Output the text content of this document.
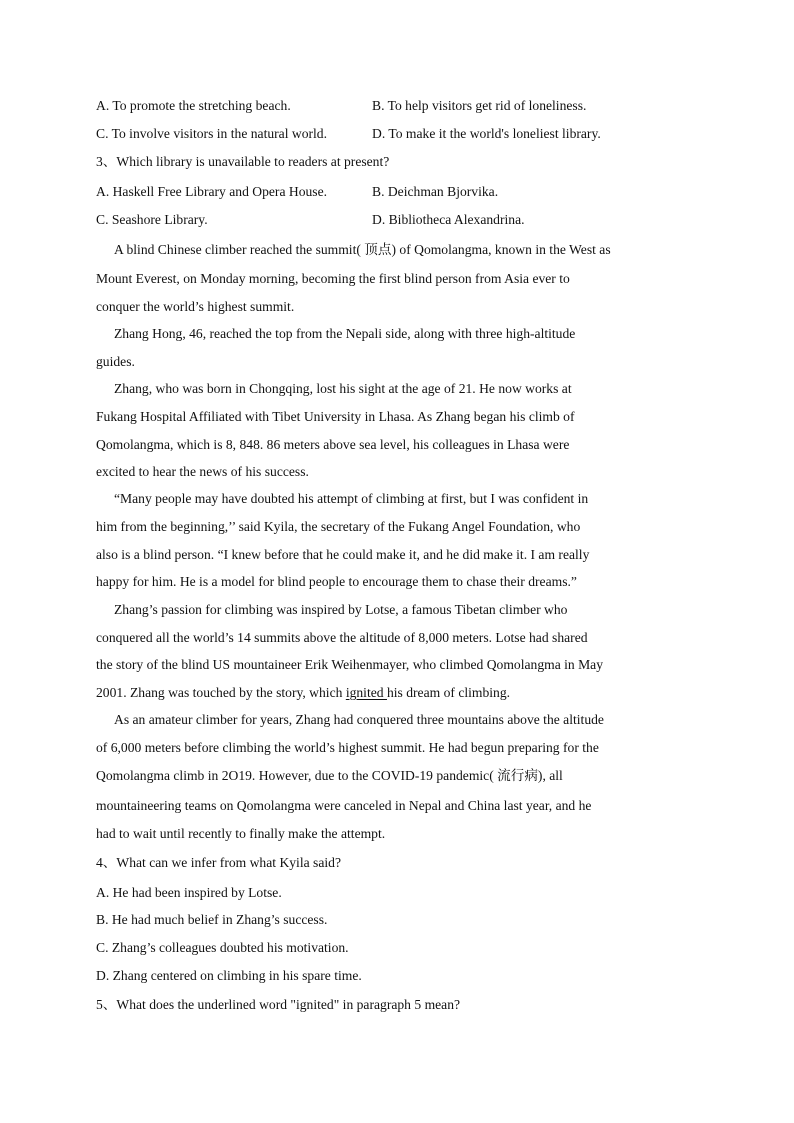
A. To promote the stretching beach.	B. To help visitors get rid of loneliness.
C. To involve visitors in the natural world.	D. To make it the world's loneliest library.
3、Which library is unavailable to readers at present?
A. Haskell Free Library and Opera House.	B. Deichman Bjorvika.
C. Seashore Library.	D. Bibliotheca Alexandrina.
A blind Chinese climber reached the summit( 顶点) of Qomolangma, known in the West as
Mount Everest, on Monday morning, becoming the first blind person from Asia ever to
conquer the world’s highest summit.
Zhang Hong, 46, reached the top from the Nepali side, along with three high-altitude
guides.
Zhang, who was born in Chongqing, lost his sight at the age of 21. He now works at
Fukang Hospital Affiliated with Tibet University in Lhasa. As Zhang began his climb of
Qomolangma, which is 8, 848. 86 meters above sea level, his colleagues in Lhasa were
excited to hear the news of his success.
“Many people may have doubted his attempt of climbing at first, but I was confident in
him from the beginning,’’ said Kyila, the secretary of the Fukang Angel Foundation, who
also is a blind person. “I knew before that he could make it, and he did make it. I am really
happy for him. He is a model for blind people to encourage them to chase their dreams.”
Zhang’s passion for climbing was inspired by Lotse, a famous Tibetan climber who
conquered all the world’s 14 summits above the altitude of 8,000 meters. Lotse had shared
the story of the blind US mountaineer Erik Weihenmayer, who climbed Qomolangma in May
2001. Zhang was touched by the story, which ignited his dream of climbing.
As an amateur climber for years, Zhang had conquered three mountains above the altitude
of 6,000 meters before climbing the world’s highest summit. He had begun preparing for the
Qomolangma climb in 2O19. However, due to the COVID-19 pandemic( 流行病), all
mountaineering teams on Qomolangma were canceled in Nepal and China last year, and he
had to wait until recently to finally make the attempt.
4、What can we infer from what Kyila said?
A. He had been inspired by Lotse.
B. He had much belief in Zhang’s success.
C. Zhang’s colleagues doubted his motivation.
D. Zhang centered on climbing in his spare time.
5、What does the underlined word "ignited" in paragraph 5 mean?
